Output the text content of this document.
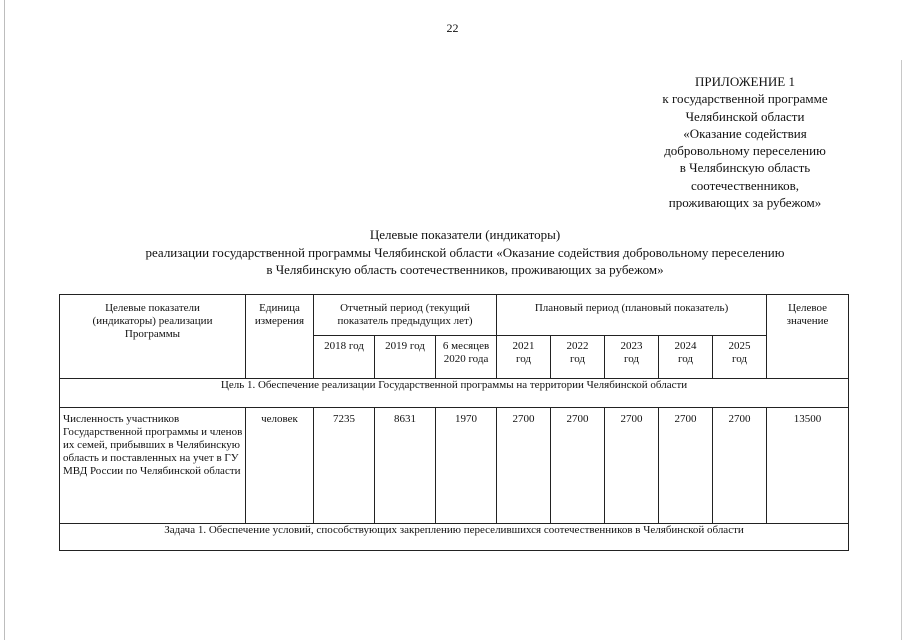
22
ПРИЛОЖЕНИЕ 1
к государственной программе
Челябинской области
«Оказание содействия
добровольному переселению
в Челябинскую область
соотечественников,
проживающих за рубежом»
Целевые показатели (индикаторы)
реализации государственной программы Челябинской области «Оказание содействия добровольному переселению
в Челябинскую область соотечественников, проживающих за рубежом»
Целевые показатели (индикаторы) реализации Программы	Единица измерения	Отчетный период (текущий показатель предыдущих лет)			Плановый период (плановый показатель)					Целевое значение
		2018 год	2019 год	6 месяцев 2020 года	2021 год	2022 год	2023 год	2024 год	2025 год	
Цель 1. Обеспечение реализации Государственной программы на территории Челябинской области										
Численность участников Государственной программы и членов их семей, прибывших в Челябинскую область и поставленных на учет в ГУ МВД России по Челябинской области	человек	7235	8631	1970	2700	2700	2700	2700	2700	13500
Задача 1. Обеспечение условий, способствующих закреплению переселившихся соотечественников в Челябинской области										
